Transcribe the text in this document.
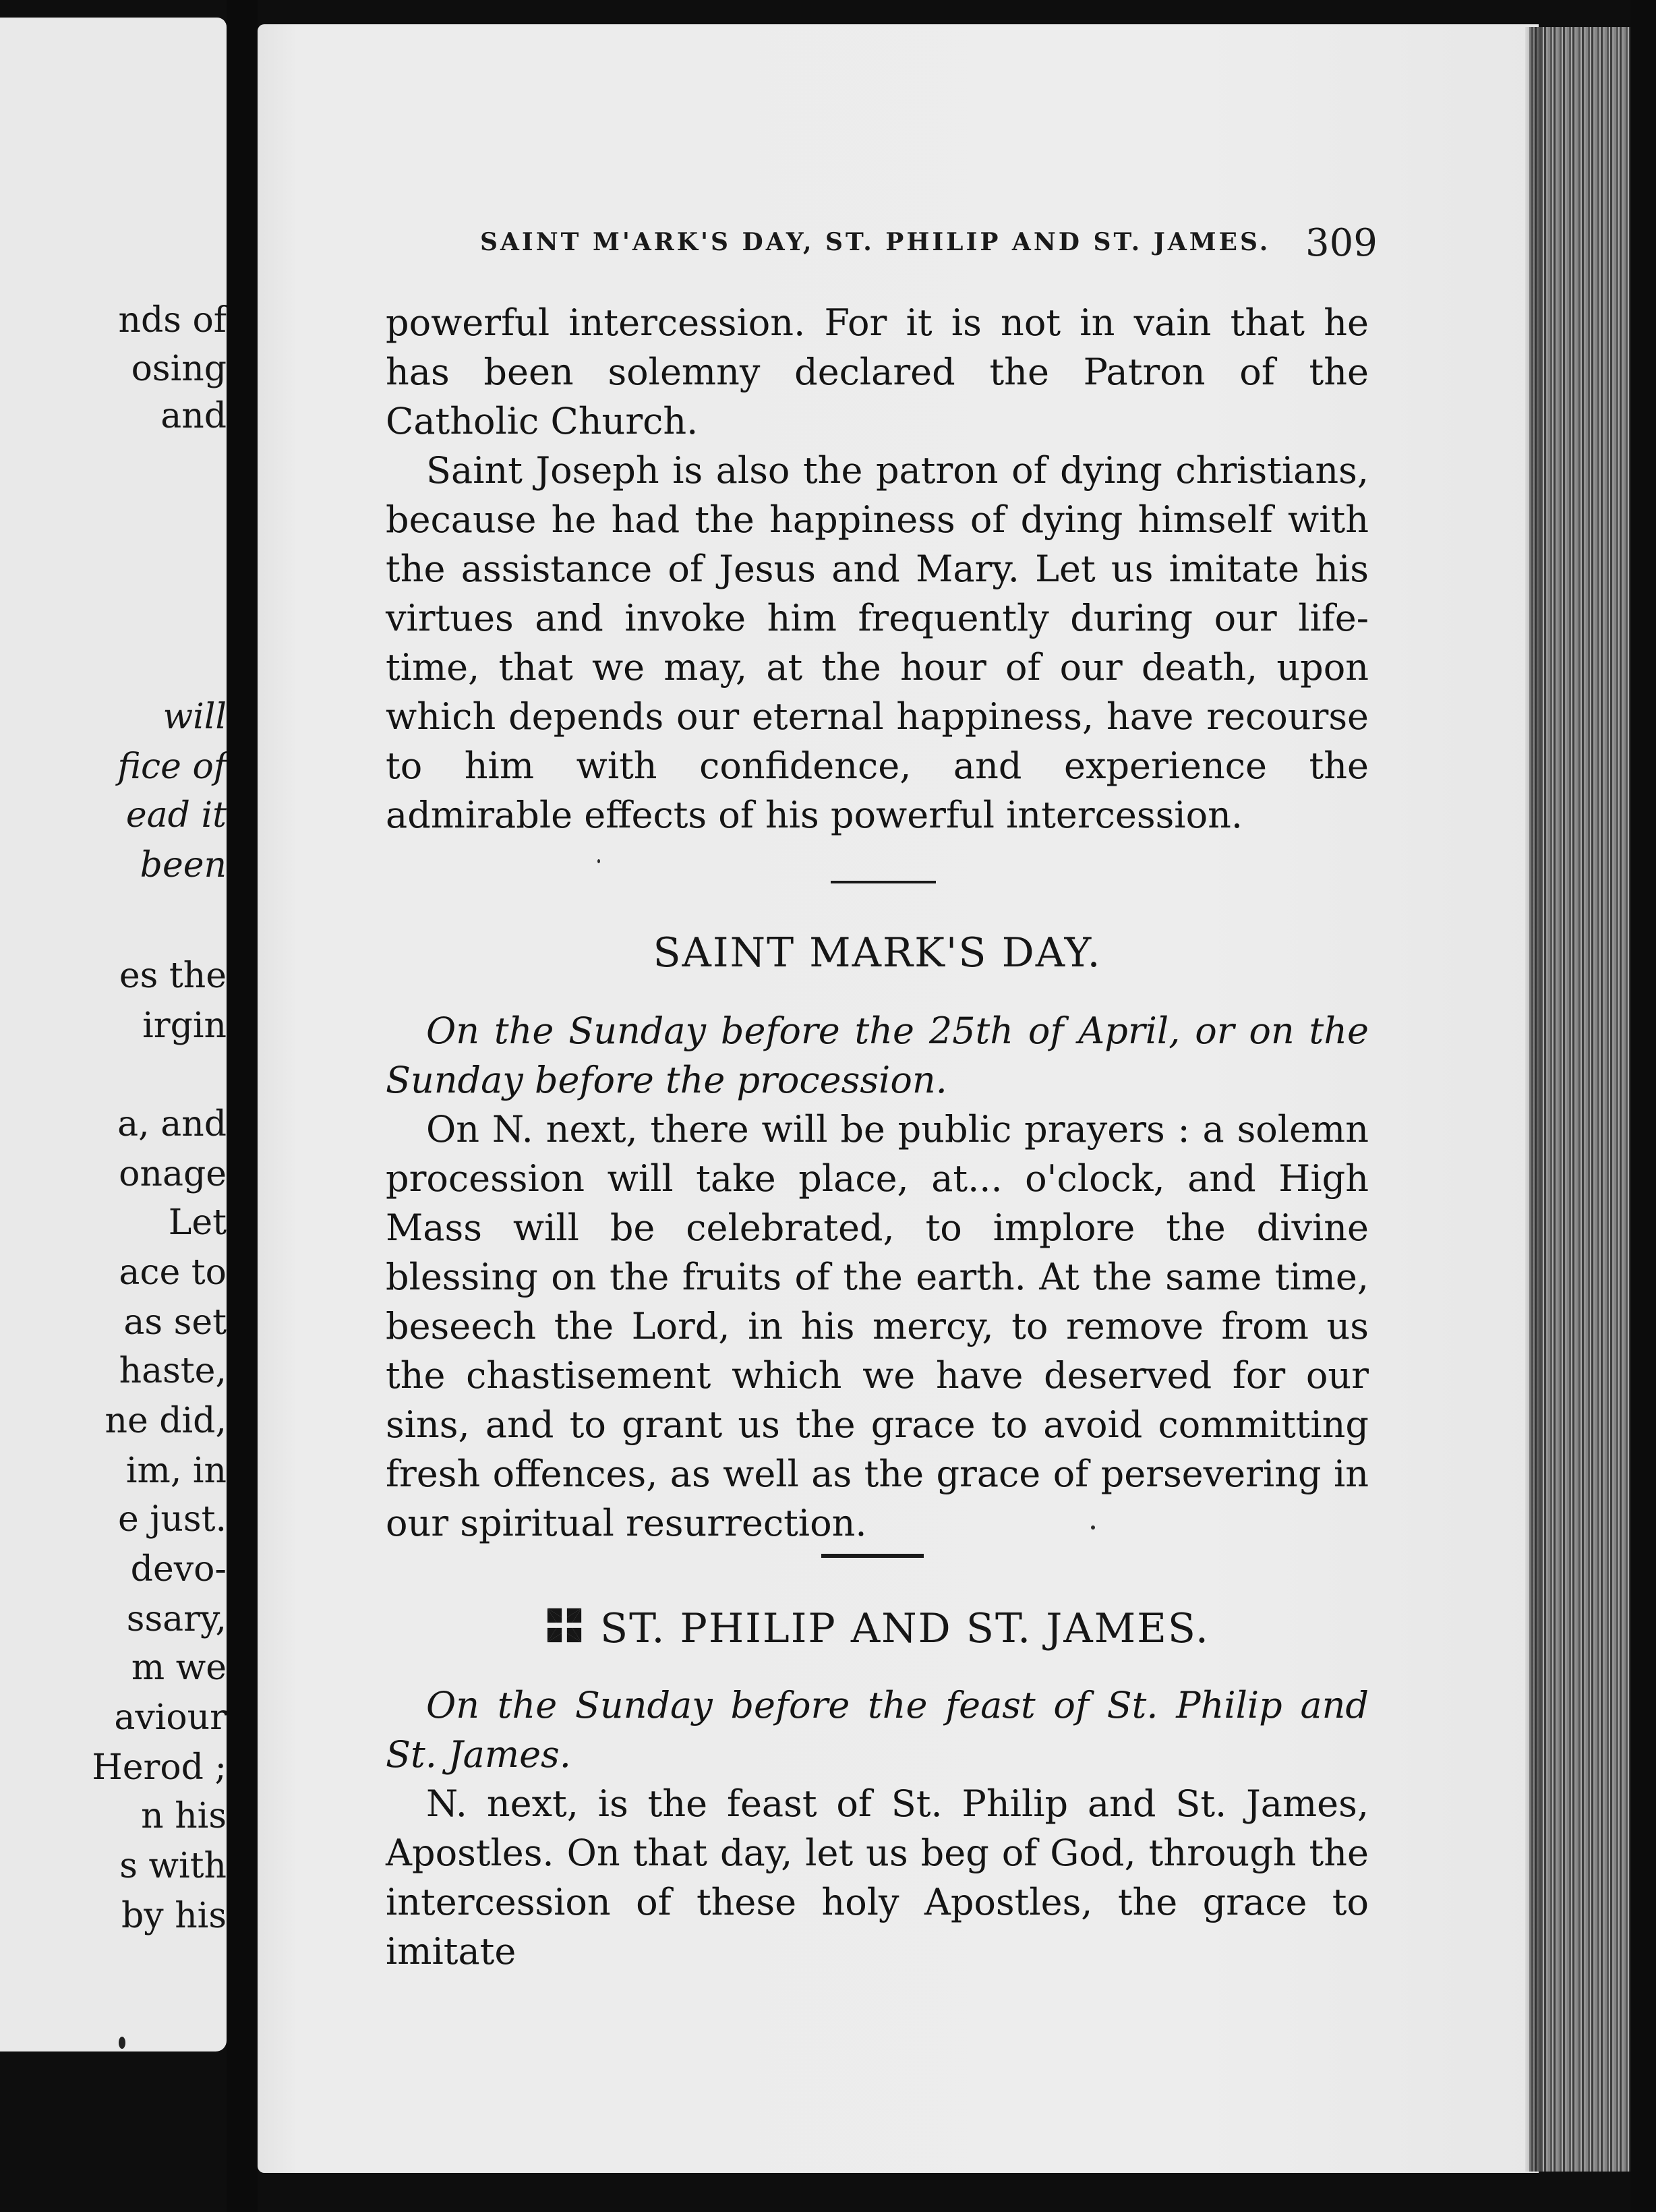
nds of
osing
and
will
fice of
ead it
been
es the
irgin
a, and
onage
Let
ace to
as set
haste,
ne did,
im, in
e just.
devo-
ssary,
m we
aviour
Herod ;
n his
s with
by his
SAINT M'ARK'S DAY, ST. PHILIP AND ST. JAMES. 309

powerful intercession. For it is not in vain that he has been solemny declared the Patron of the Catholic Church.

Saint Joseph is also the patron of dying christians, because he had the happiness of dying himself with the assistance of Jesus and Mary. Let us imitate his virtues and invoke him frequently during our life-time, that we may, at the hour of our death, upon which depends our eternal happiness, have recourse to him with confidence, and experience the admirable effects of his powerful intercession.

SAINT MARK'S DAY.

On the Sunday before the 25th of April, or on the Sunday before the procession.

On N. next, there will be public prayers : a solemn procession will take place, at... o'clock, and High Mass will be celebrated, to implore the divine blessing on the fruits of the earth. At the same time, beseech the Lord, in his mercy, to remove from us the chastisement which we have deserved for our sins, and to grant us the grace to avoid committing fresh offences, as well as the grace of persevering in our spiritual resurrection.

ST. PHILIP AND ST. JAMES.

On the Sunday before the feast of St. Philip and St. James.

N. next, is the feast of St. Philip and St. James, Apostles. On that day, let us beg of God, through the intercession of these holy Apostles, the grace to imitate
